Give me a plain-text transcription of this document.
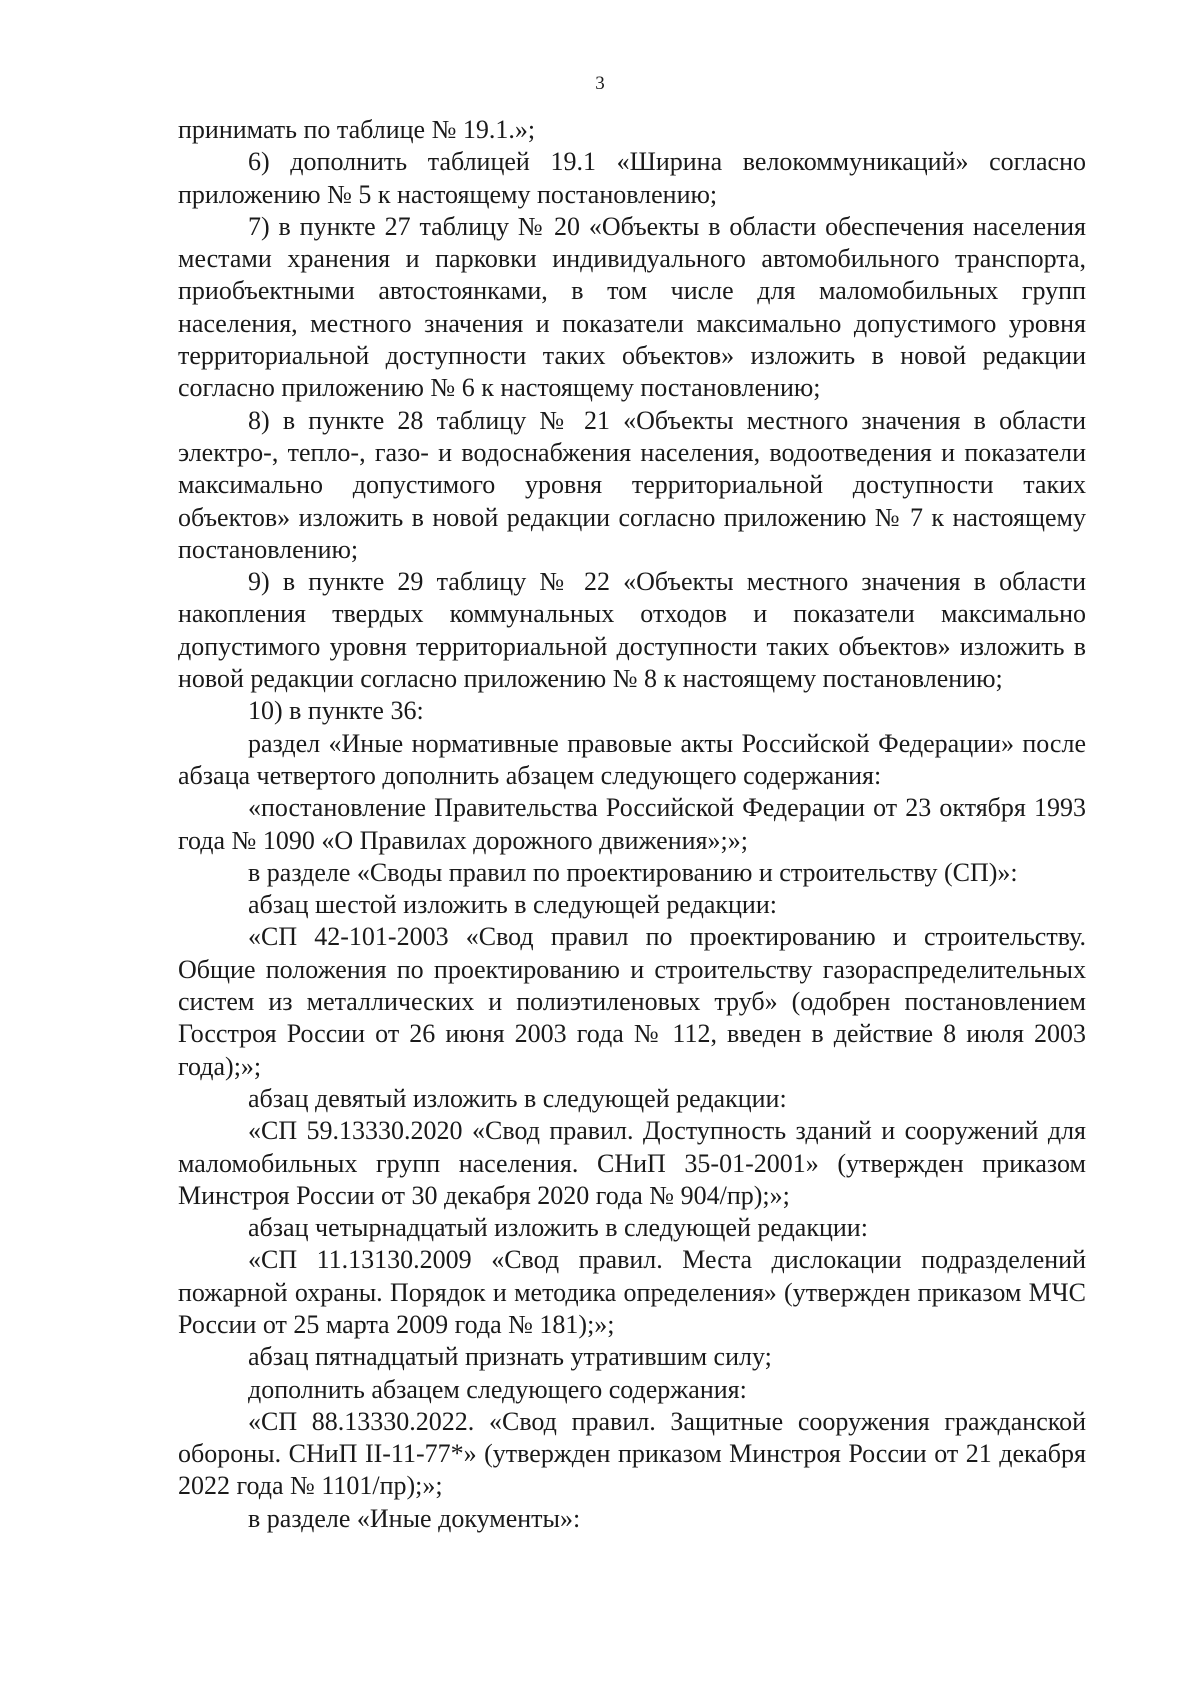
3

принимать по таблице № 19.1.»;

6) дополнить таблицей 19.1 «Ширина велокоммуникаций» согласно приложению № 5 к настоящему постановлению;

7) в пункте 27 таблицу № 20 «Объекты в области обеспечения населения местами хранения и парковки индивидуального автомобильного транспорта, приобъектными автостоянками, в том числе для маломобильных групп населения, местного значения и показатели максимально допустимого уровня территориальной доступности таких объектов» изложить в новой редакции согласно приложению № 6 к настоящему постановлению;

8) в пункте 28 таблицу № 21 «Объекты местного значения в области электро-, тепло-, газо- и водоснабжения населения, водоотведения и показатели максимально допустимого уровня территориальной доступности таких объектов» изложить в новой редакции согласно приложению № 7 к настоящему постановлению;

9) в пункте 29 таблицу № 22 «Объекты местного значения в области накопления твердых коммунальных отходов и показатели максимально допустимого уровня территориальной доступности таких объектов» изложить в новой редакции согласно приложению № 8 к настоящему постановлению;

10) в пункте 36:

раздел «Иные нормативные правовые акты Российской Федерации» после абзаца четвертого дополнить абзацем следующего содержания:

«постановление Правительства Российской Федерации от 23 октября 1993 года № 1090 «О Правилах дорожного движения»;»;

в разделе «Своды правил по проектированию и строительству (СП)»:

абзац шестой изложить в следующей редакции:

«СП 42-101-2003 «Свод правил по проектированию и строительству. Общие положения по проектированию и строительству газораспределительных систем из металлических и полиэтиленовых труб» (одобрен постановлением Госстроя России от 26 июня 2003 года № 112, введен в действие 8 июля 2003 года);»;

абзац девятый изложить в следующей редакции:

«СП 59.13330.2020 «Свод правил. Доступность зданий и сооружений для маломобильных групп населения. СНиП 35-01-2001» (утвержден приказом Минстроя России от 30 декабря 2020 года № 904/пр);»;

абзац четырнадцатый изложить в следующей редакции:

«СП 11.13130.2009 «Свод правил. Места дислокации подразделений пожарной охраны. Порядок и методика определения» (утвержден приказом МЧС России от 25 марта 2009 года № 181);»;

абзац пятнадцатый признать утратившим силу;

дополнить абзацем следующего содержания:

«СП 88.13330.2022. «Свод правил. Защитные сооружения гражданской обороны. СНиП II-11-77*» (утвержден приказом Минстроя России от 21 декабря 2022 года № 1101/пр);»;

в разделе «Иные документы»:
